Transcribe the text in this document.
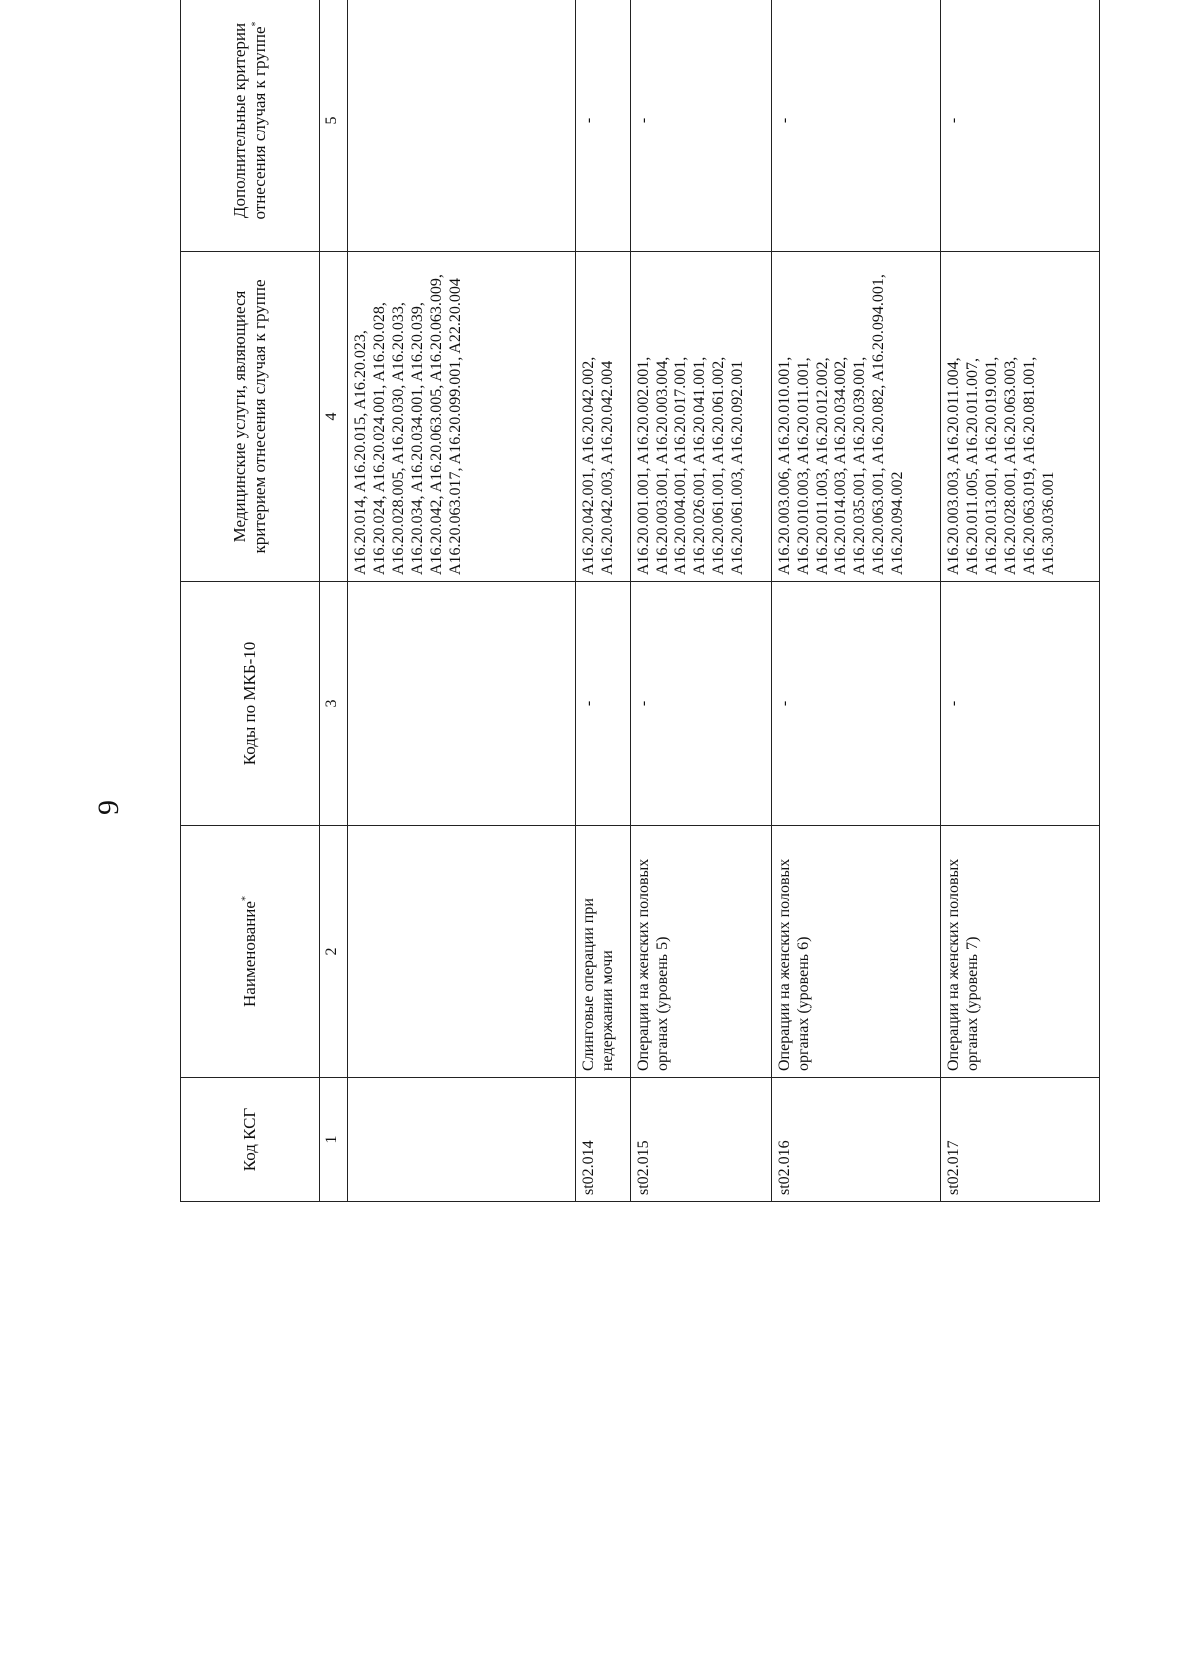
9
Код КСГ	Наименование*	Коды по МКБ-10	Медицинские услуги, являющиеся критерием отнесения случая к группе	Дополнительные критерии отнесения случая к группе*	
1	2	3	4	5	
			A16.20.014, A16.20.015, A16.20.023, A16.20.024, A16.20.024.001, A16.20.028, A16.20.028.005, A16.20.030, A16.20.033, A16.20.034, A16.20.034.001, A16.20.039, A16.20.042, A16.20.063.005, A16.20.063.009, A16.20.063.017, A16.20.099.001, A22.20.004		
st02.014	Слинговые операции при недержании мочи	-	A16.20.042.001, A16.20.042.002, A16.20.042.003, A16.20.042.004	-	
st02.015	Операции на женских половых органах (уровень 5)	-	A16.20.001.001, A16.20.002.001, A16.20.003.001, A16.20.003.004, A16.20.004.001, A16.20.017.001, A16.20.026.001, A16.20.041.001, A16.20.061.001, A16.20.061.002, A16.20.061.003, A16.20.092.001	-	
st02.016	Операции на женских половых органах (уровень 6)	-	A16.20.003.006, A16.20.010.001, A16.20.010.003, A16.20.011.001, A16.20.011.003, A16.20.012.002, A16.20.014.003, A16.20.034.002, A16.20.035.001, A16.20.039.001, A16.20.063.001, A16.20.082, A16.20.094.001, A16.20.094.002	-	
st02.017	Операции на женских половых органах (уровень 7)	-	A16.20.003.003, A16.20.011.004, A16.20.011.005, A16.20.011.007, A16.20.013.001, A16.20.019.001, A16.20.028.001, A16.20.063.003, A16.20.063.019, A16.20.081.001, A16.30.036.001	-	
